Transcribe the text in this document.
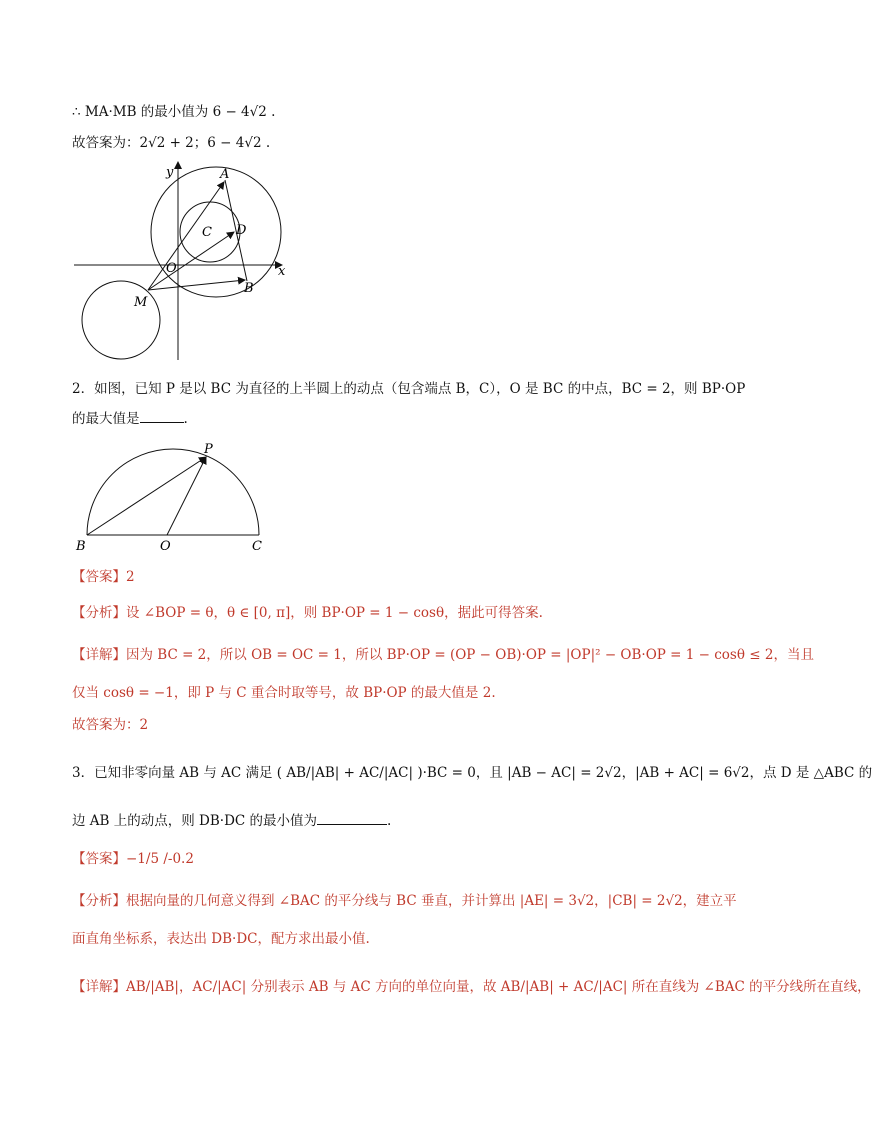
∴ MA·MB 的最小值为 6 − 4√2 .
故答案为：2√2 + 2；6 − 4√2 .
y
x
A
C D
O
M
B
2．如图，已知 P 是以 BC 为直径的上半圆上的动点（包含端点 B，C），O 是 BC 的中点，BC = 2，则 BP·OP
的最大值是	.
P
B	O	C
【答案】2
【分析】设 ∠BOP = θ，θ ∈ [0, π]，则 BP·OP = 1 − cosθ，据此可得答案.
【详解】因为 BC = 2，所以 OB = OC = 1，所以 BP·OP = (OP − OB)·OP = |OP|² − OB·OP = 1 − cosθ ≤ 2，当且
仅当 cosθ = −1，即 P 与 C 重合时取等号，故 BP·OP 的最大值是 2.
故答案为：2
3．已知非零向量 AB 与 AC 满足 ( AB/|AB| + AC/|AC| )·BC = 0，且 |AB − AC| = 2√2，|AB + AC| = 6√2，点 D 是 △ABC 的
边 AB 上的动点，则 DB·DC 的最小值为	.
【答案】−1/5 /-0.2
【分析】根据向量的几何意义得到 ∠BAC 的平分线与 BC 垂直，并计算出 |AE| = 3√2，|CB| = 2√2，建立平
面直角坐标系，表达出 DB·DC，配方求出最小值.
【详解】AB/|AB|，AC/|AC| 分别表示 AB 与 AC 方向的单位向量，故 AB/|AB| + AC/|AC| 所在直线为 ∠BAC 的平分线所在直线，
